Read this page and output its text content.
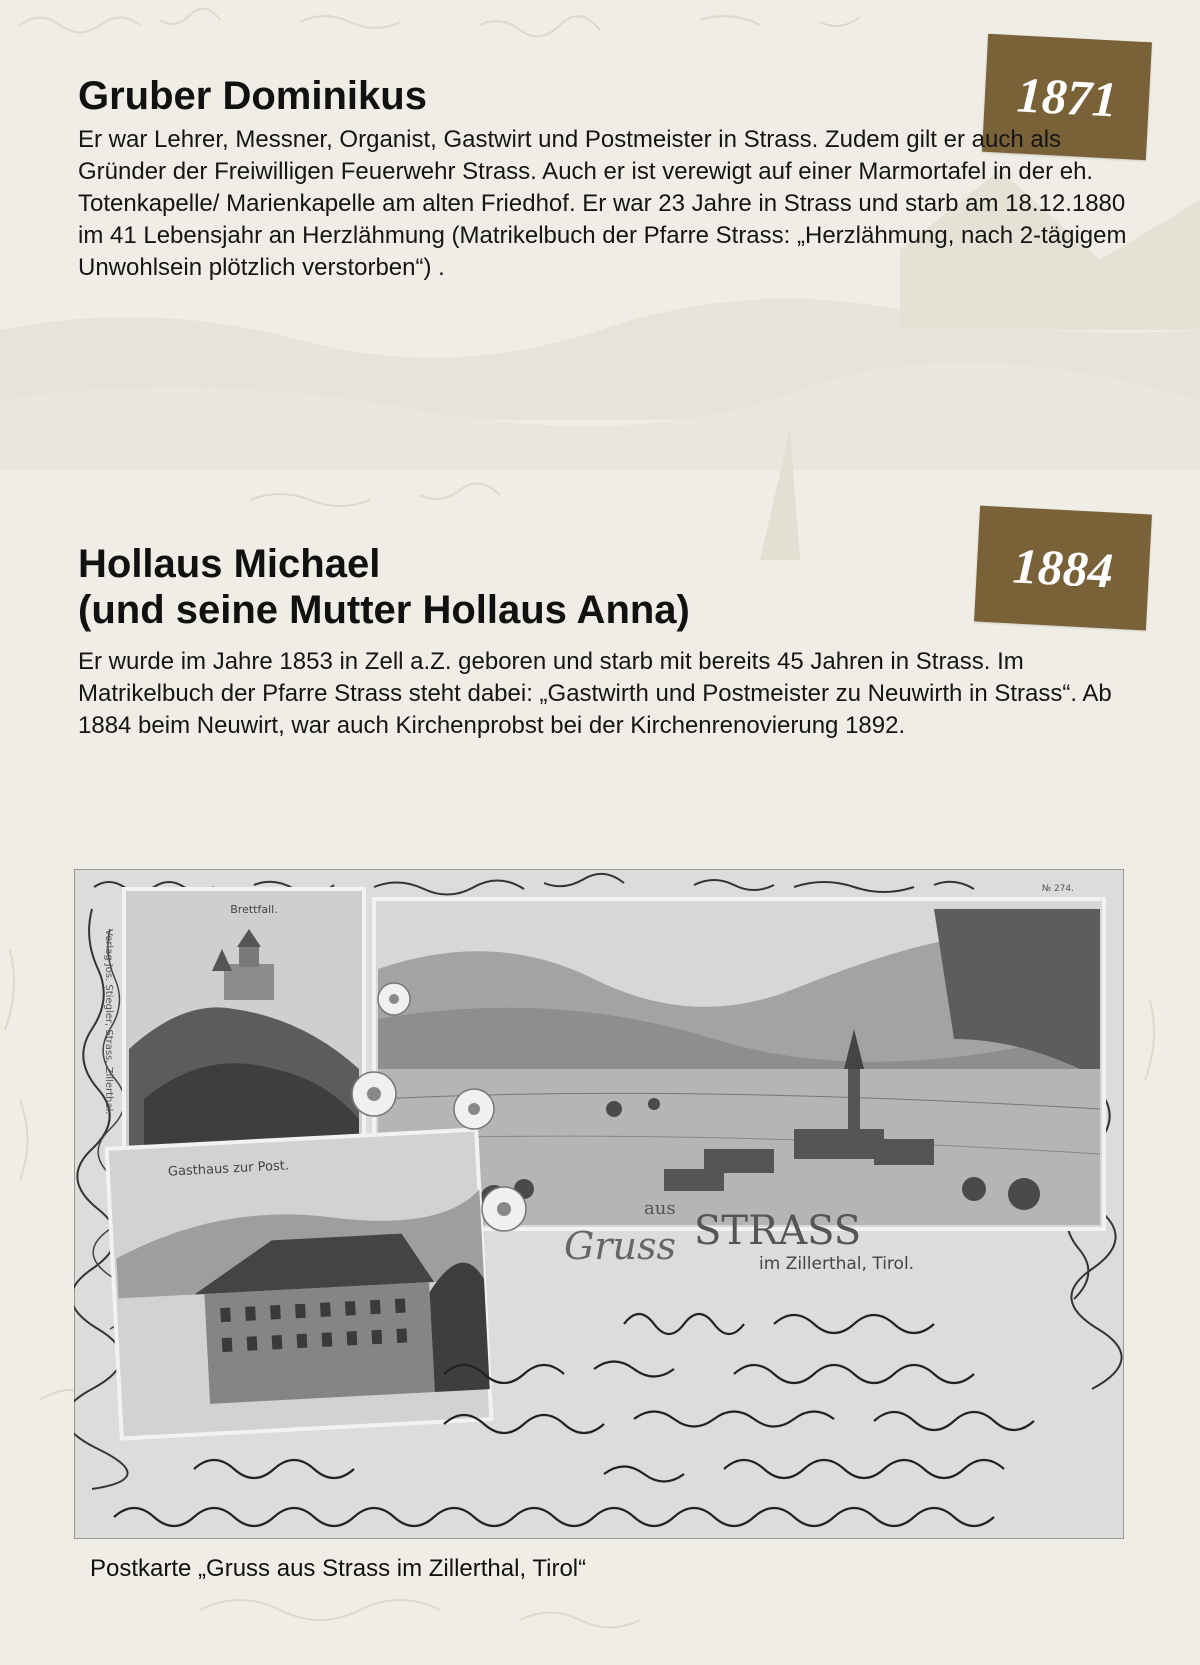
1871
Gruber Dominikus

Er war Lehrer, Messner, Organist, Gastwirt und Postmeister in Strass. Zudem gilt er auch als Gründer der Freiwilligen Feuerwehr Strass. Auch er ist verewigt auf einer Marmortafel in der eh. Totenkapelle/ Marienkapelle am alten Friedhof. Er war 23 Jahre in Strass und starb am 18.12.1880 im 41 Lebensjahr an Herzlähmung (Matrikelbuch der Pfarre Strass: „Herzlähmung, nach 2-tägigem Unwohlsein plötzlich verstorben“) .

1884
Hollaus Michael
(und seine Mutter Hollaus Anna)

Er wurde im Jahre 1853 in Zell a.Z. geboren und starb mit bereits 45 Jahren in Strass. Im Matrikelbuch der Pfarre Strass steht dabei: „Gastwirth und Postmeister zu Neuwirth in Strass“. Ab 1884 beim Neuwirt, war auch Kirchenprobst bei der Kirchenrenovierung 1892.

Brettfall.
Gasthaus zur Post.
Gruss
aus STRASS
im Zillerthal, Tirol.
№ 274.
Verlag Jos. Stiegler, Strass, Zillerthal.

Postkarte „Gruss aus Strass im Zillerthal, Tirol“
